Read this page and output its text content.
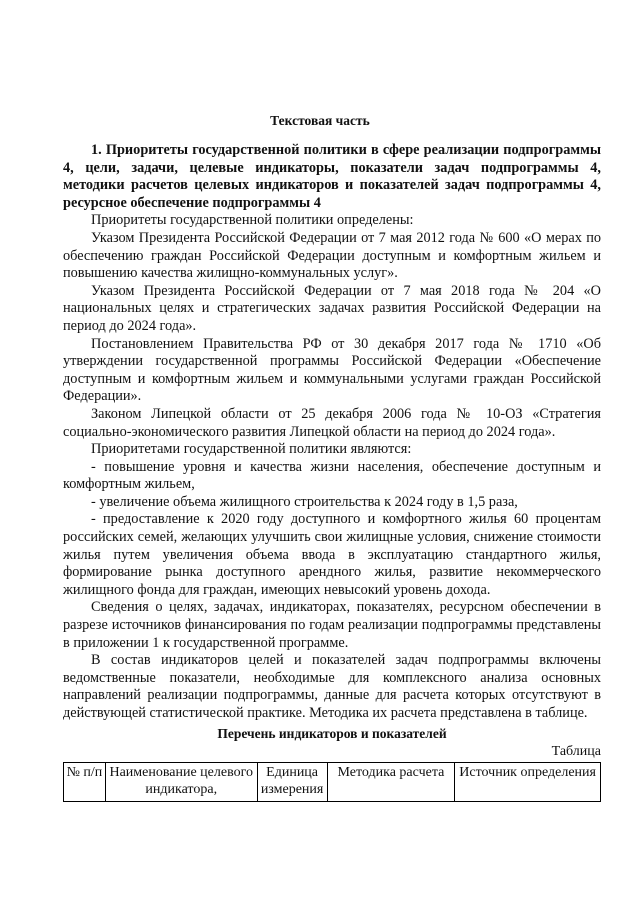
Текстовая часть

1. Приоритеты государственной политики в сфере реализации подпрограммы 4, цели, задачи, целевые индикаторы, показатели задач подпрограммы 4, методики расчетов целевых индикаторов и показателей задач подпрограммы 4, ресурсное обеспечение подпрограммы 4

Приоритеты государственной политики определены:

Указом Президента Российской Федерации от 7 мая 2012 года № 600 «О мерах по обеспечению граждан Российской Федерации доступным и комфортным жильем и повышению качества жилищно-коммунальных услуг».

Указом Президента Российской Федерации от 7 мая 2018 года № 204 «О национальных целях и стратегических задачах развития Российской Федерации на период до 2024 года».

Постановлением Правительства РФ от 30 декабря 2017 года № 1710 «Об утверждении государственной программы Российской Федерации «Обеспечение доступным и комфортным жильем и коммунальными услугами граждан Российской Федерации».

Законом Липецкой области от 25 декабря 2006 года № 10-ОЗ «Стратегия социально-экономического развития Липецкой области на период до 2024 года».

Приоритетами государственной политики являются:

- повышение уровня и качества жизни населения, обеспечение доступным и комфортным жильем,

- увеличение объема жилищного строительства к 2024 году в 1,5 раза,

- предоставление к 2020 году доступного и комфортного жилья 60 процентам российских семей, желающих улучшить свои жилищные условия, снижение стоимости жилья путем увеличения объема ввода в эксплуатацию стандартного жилья, формирование рынка доступного арендного жилья, развитие некоммерческого жилищного фонда для граждан, имеющих невысокий уровень дохода.

Сведения о целях, задачах, индикаторах, показателях, ресурсном обеспечении в разрезе источников финансирования по годам реализации подпрограммы представлены в приложении 1 к государственной программе.

В состав индикаторов целей и показателей задач подпрограммы включены ведомственные показатели, необходимые для комплексного анализа основных направлений реализации подпрограммы, данные для расчета которых отсутствуют в действующей статистической практике. Методика их расчета представлена в таблице.

Перечень индикаторов и показателей
Таблица
№ п/п	Наименование целевого индикатора,	Единица измерения	Методика расчета	Источник определения
